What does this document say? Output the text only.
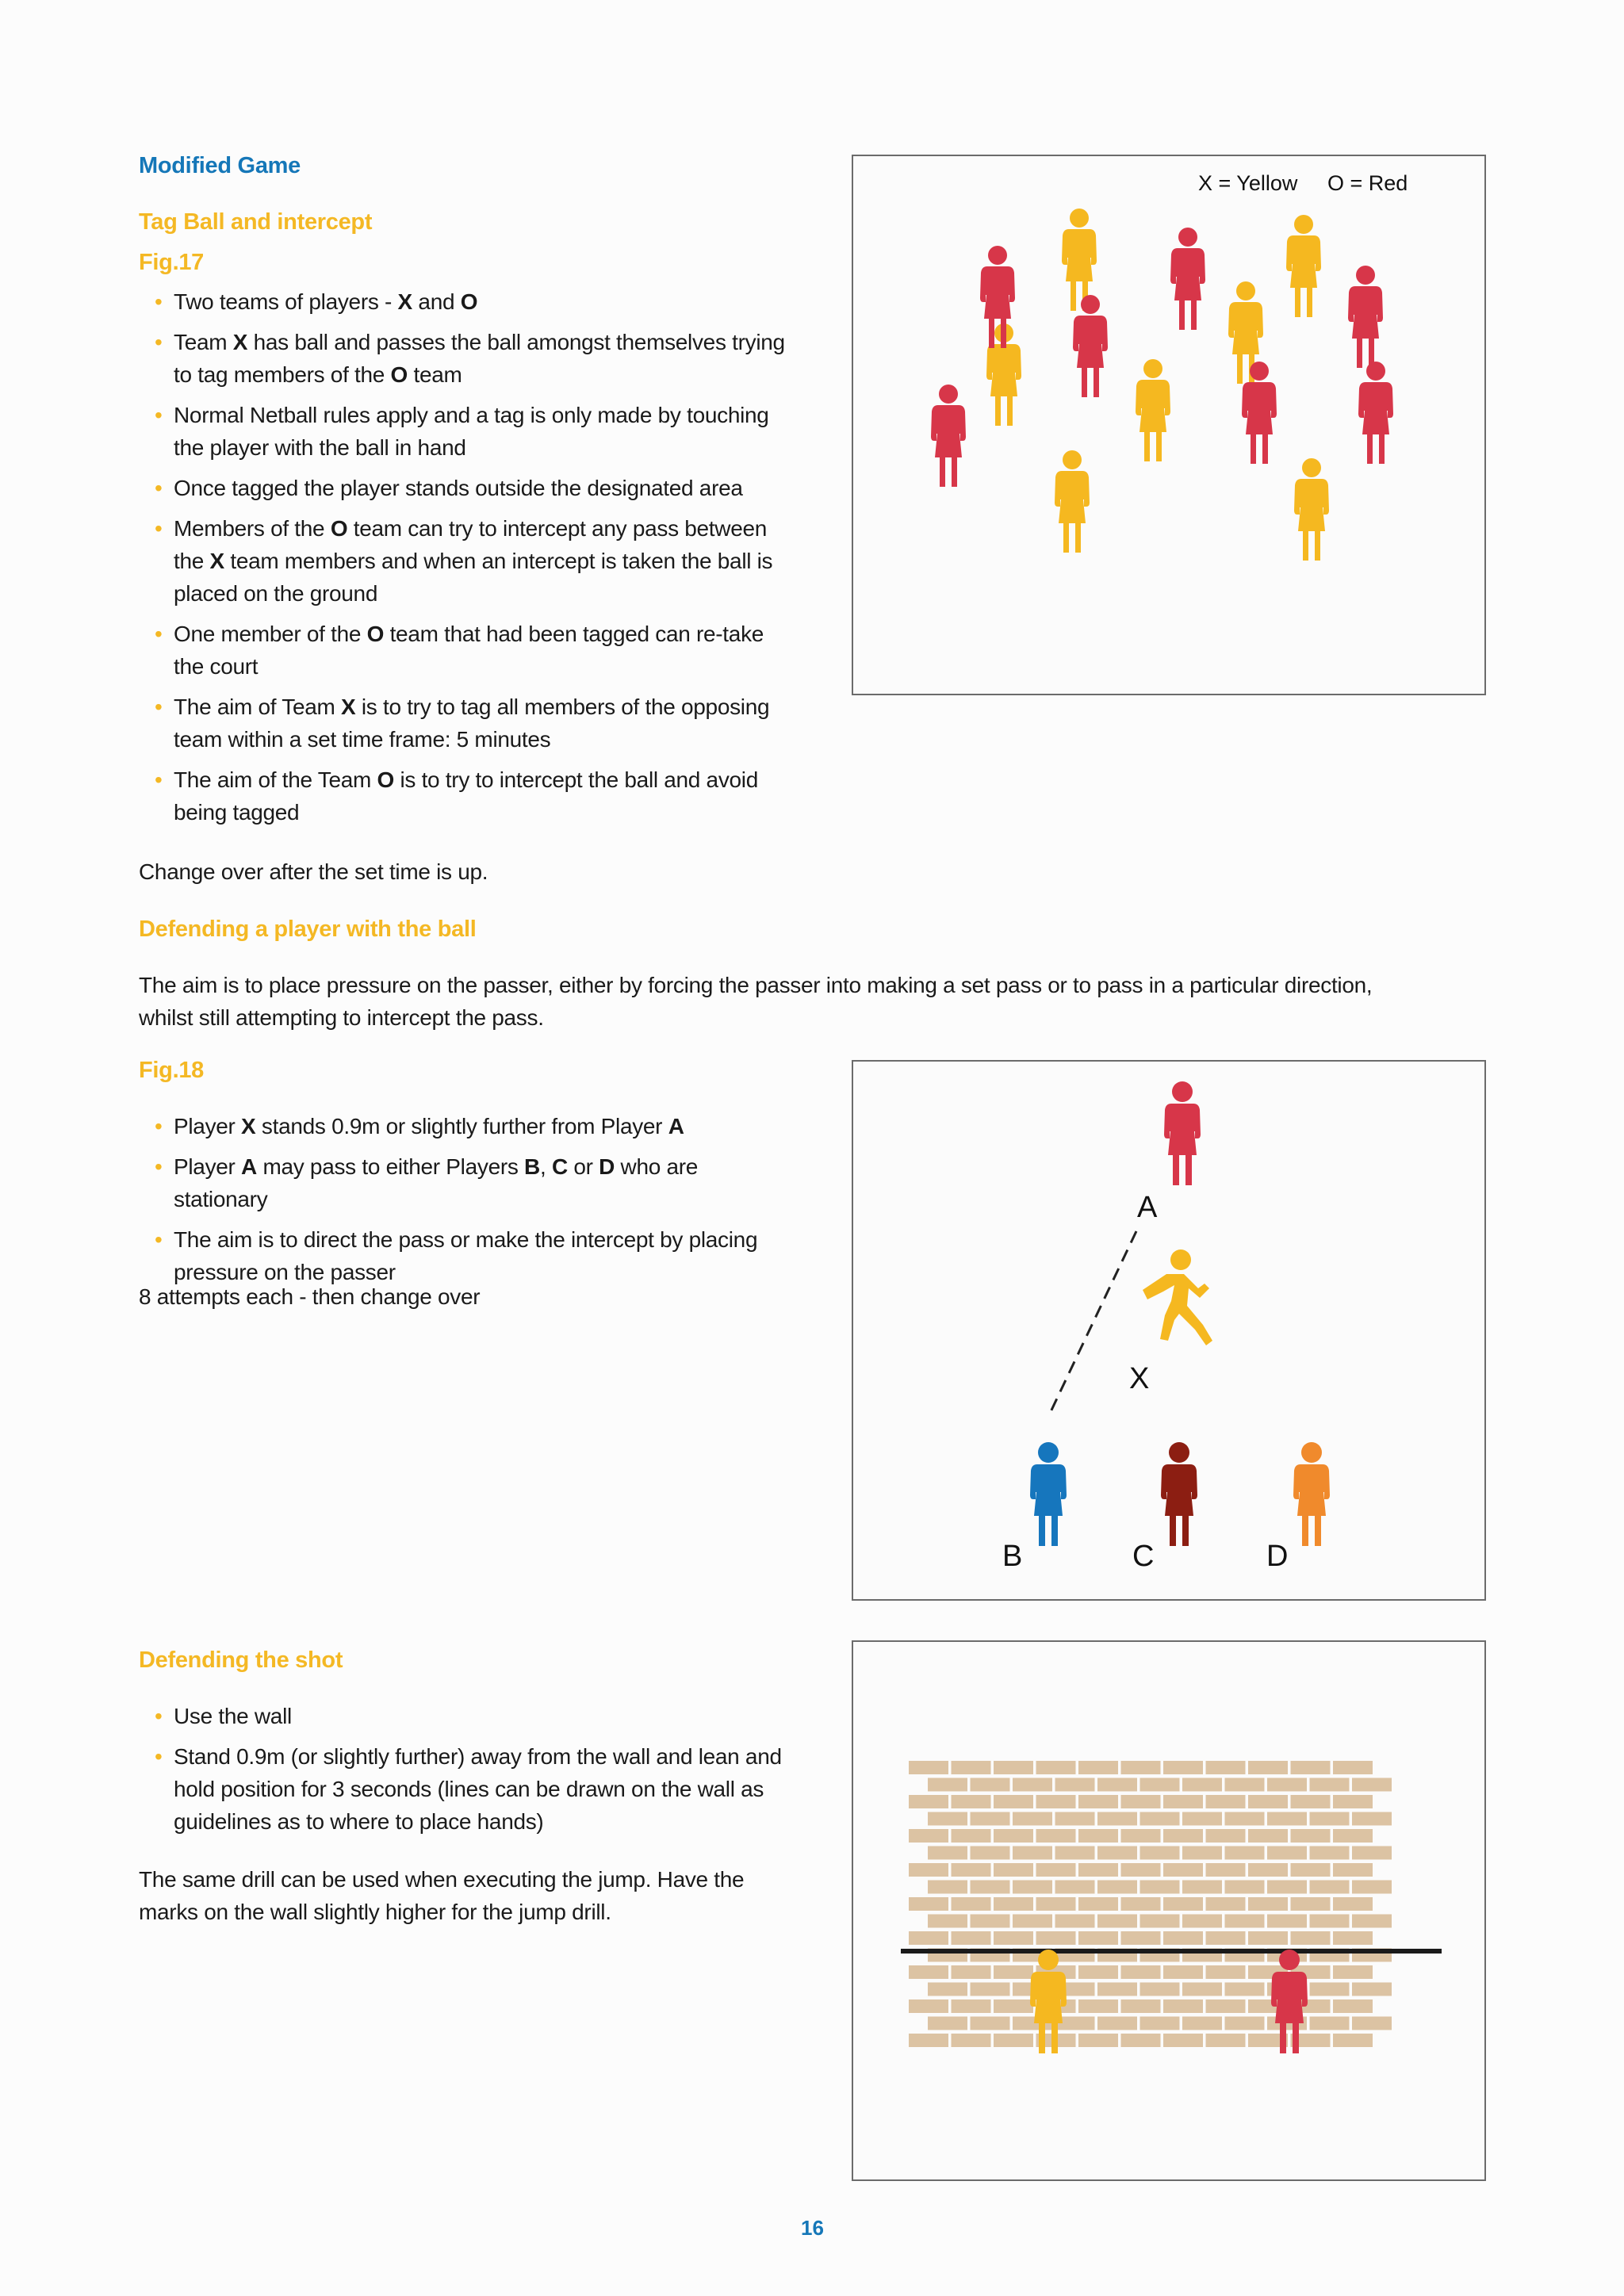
Modified Game
Tag Ball and intercept
Fig.17
• Two teams of players - X and O
• Team X has ball and passes the ball amongst themselves trying to tag members of the O team
• Normal Netball rules apply and a tag is only made by touching the player with the ball in hand
• Once tagged the player stands outside the designated area
• Members of the O team can try to intercept any pass between the X team members and when an intercept is taken the ball is placed on the ground
• One member of the O team that had been tagged can re-take the court
• The aim of Team X is to try to tag all members of the opposing team within a set time frame: 5 minutes
• The aim of the Team O is to try to intercept the ball and avoid being tagged
Change over after the set time is up.
Defending a player with the ball
The aim is to place pressure on the passer, either by forcing the passer into making a set pass or to pass in a particular direction, whilst still attempting to intercept the pass.
Fig.18
• Player X stands 0.9m or slightly further from Player A
• Player A may pass to either Players B, C or D who are stationary
• The aim is to direct the pass or make the intercept by placing pressure on the passer
8 attempts each - then change over
Defending the shot
• Use the wall
• Stand 0.9m (or slightly further) away from the wall and lean and hold position for 3 seconds (lines can be drawn on the wall as guidelines as to where to place hands)
The same drill can be used when executing the jump. Have the marks on the wall slightly higher for the jump drill.
16
X = Yellow O = Red
A
X
B	C	D
